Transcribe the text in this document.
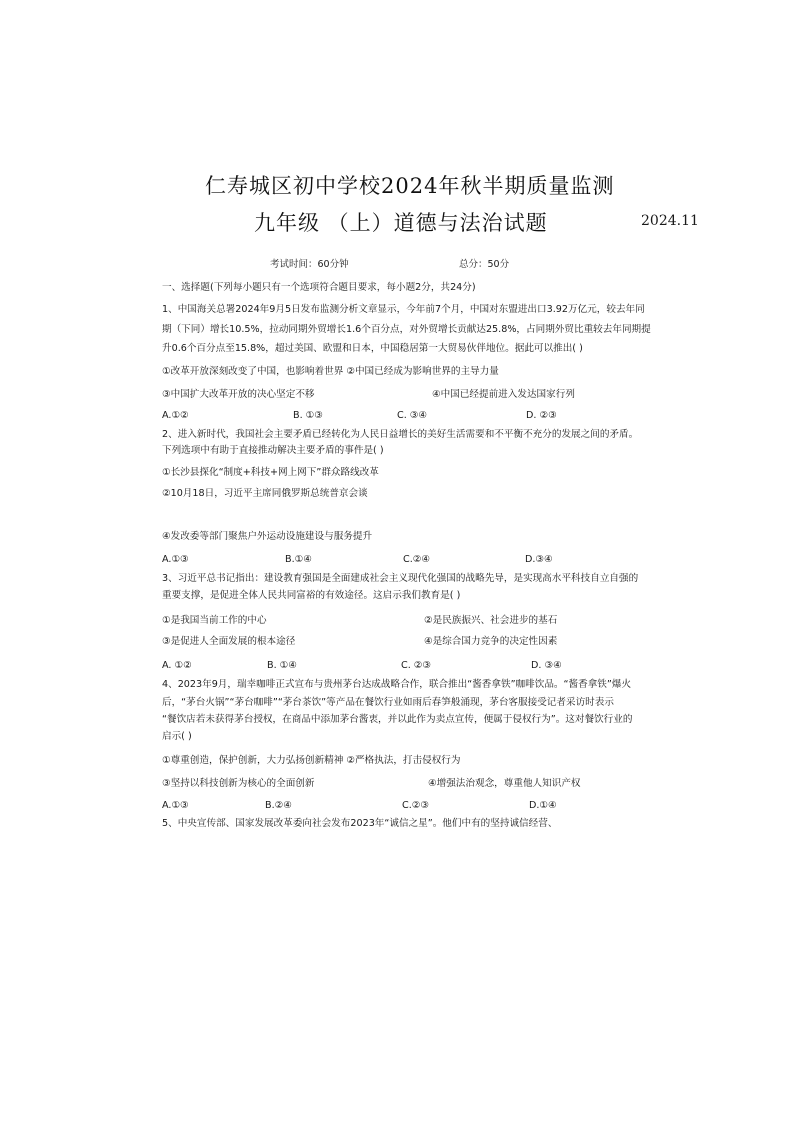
仁寿城区初中学校2024年秋半期质量监测
九年级 （上）道德与法治试题	2024.11
考试时间：60分钟	总分：50分
一、选择题(下列每小题只有一个选项符合题目要求，每小题2分，共24分)
1、中国海关总署2024年9月5日发布监测分析文章显示，今年前7个月，中国对东盟进出口3.92万亿元，较去年同
期（下同）增长10.5%，拉动同期外贸增长1.6个百分点，对外贸增长贡献达25.8%，占同期外贸比重较去年同期提
升0.6个百分点至15.8%，超过美国、欧盟和日本，中国稳居第一大贸易伙伴地位。据此可以推出( )
①改革开放深刻改变了中国，也影响着世界 ②中国已经成为影响世界的主导力量
③中国扩大改革开放的决心坚定不移	④中国已经提前进入发达国家行列
A.①②	B. ①③	C. ③④	D. ②③
2、进入新时代，我国社会主要矛盾已经转化为人民日益增长的美好生活需要和不平衡不充分的发展之间的矛盾。
下列选项中有助于直接推动解决主要矛盾的事件是( )
①长沙县探化“制度+科技+网上网下”群众路线改革
②10月18日，习近平主席同俄罗斯总统普京会谈
④发改委等部门聚焦户外运动设施建设与服务提升
A.①③	B.①④	C.②④	D.③④
3、习近平总书记指出：建设教育强国是全面建成社会主义现代化强国的战略先导，是实现高水平科技自立自强的
重要支撑，是促进全体人民共同富裕的有效途径。这启示我们教育是( )
①是我国当前工作的中心	②是民族振兴、社会进步的基石
③是促进人全面发展的根本途径	④是综合国力竞争的决定性因素
A. ①②	B. ①④	C. ②③	D. ③④
4、2023年9月，瑞幸咖啡正式宣布与贵州茅台达成战略合作，联合推出“酱香拿铁”咖啡饮品。“酱香拿铁”爆火
后，“茅台火锅”“茅台咖啡”“茅台茶饮”等产品在餐饮行业如雨后春笋般涌现，茅台客服接受记者采访时表示
“餐饮店若未获得茅台授权，在商品中添加茅台酱衷，并以此作为卖点宣传，便属于侵权行为”。这对餐饮行业的
启示( )
①尊重创造，保护创新，大力弘扬创新精神 ②严格执法，打击侵权行为
③坚持以科技创新为核心的全面创新	④增强法治观念，尊重他人知识产权
A.①③	B.②④	C.②③	D.①④
5、中央宣传部、国家发展改革委向社会发布2023年“诚信之星”。他们中有的坚持诚信经营、
